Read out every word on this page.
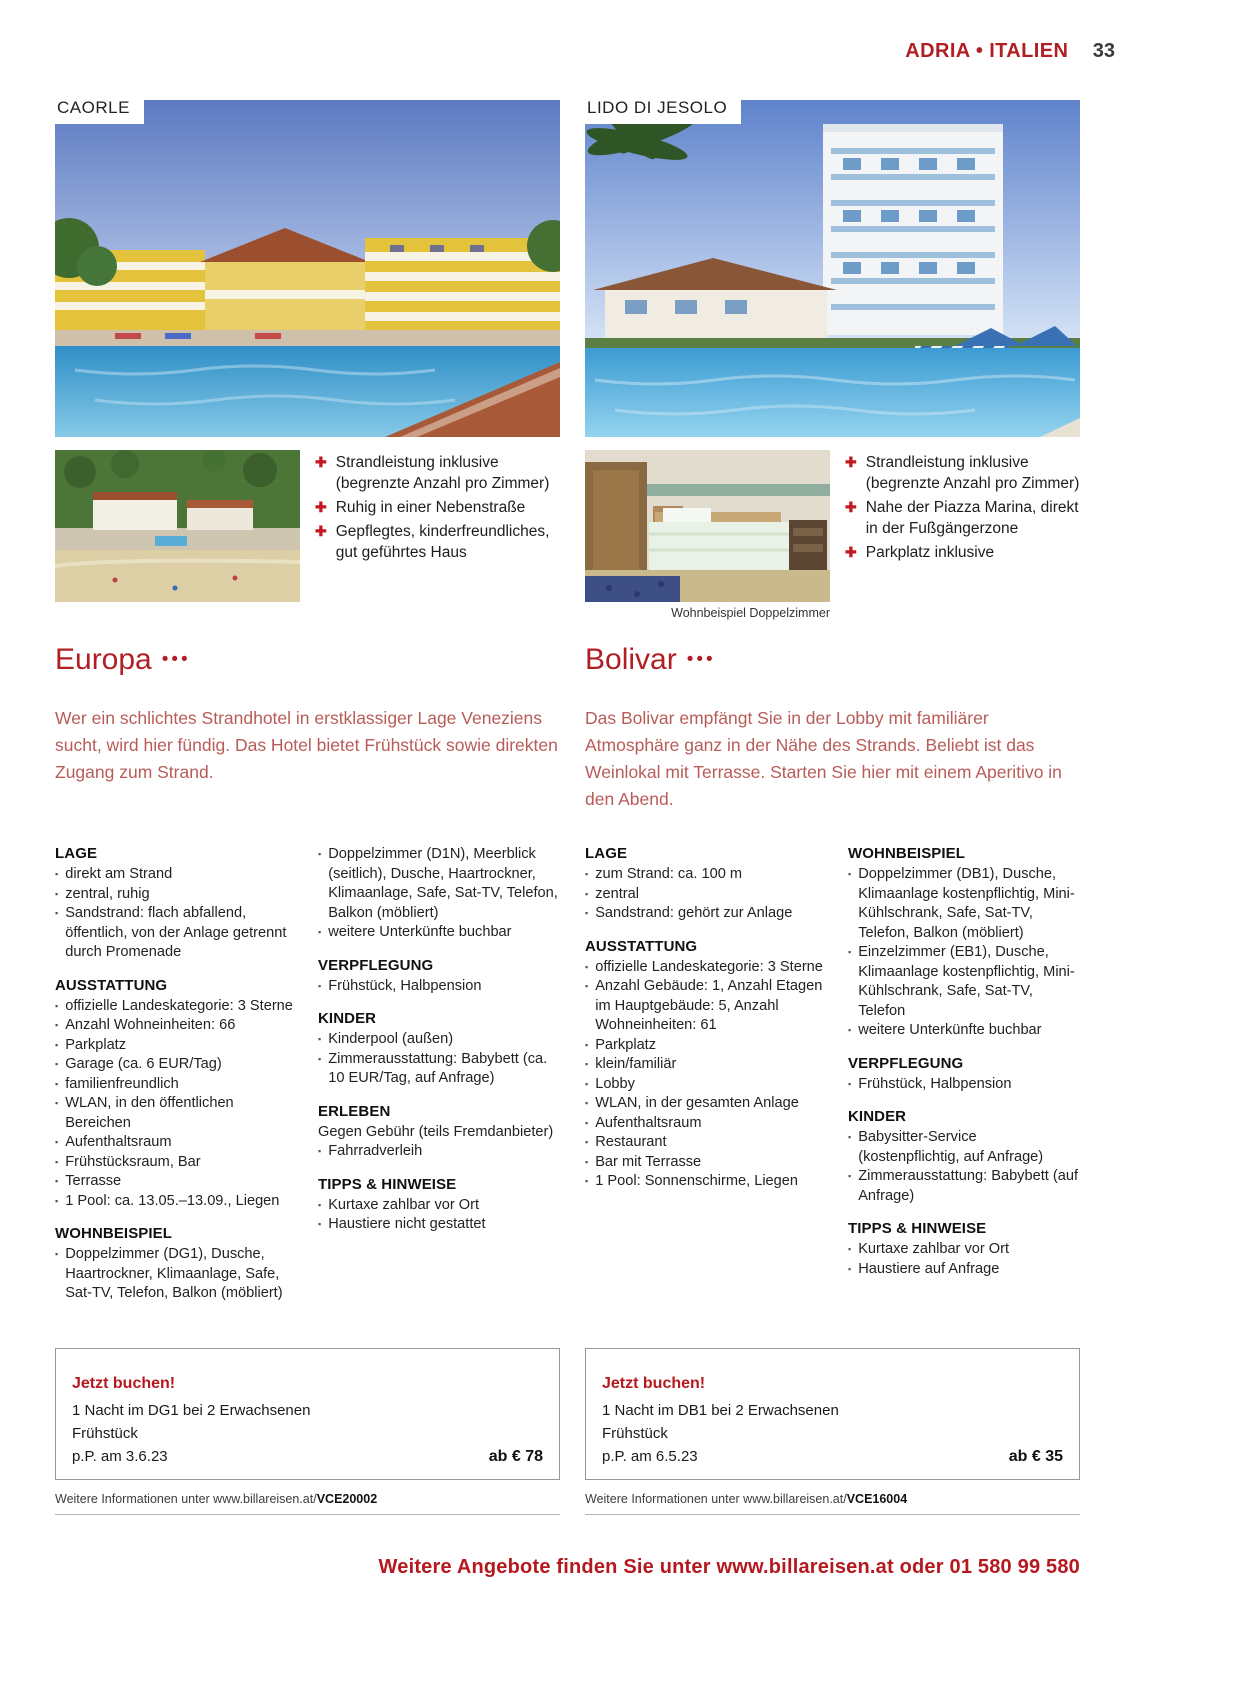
ADRIA • ITALIEN 33
CAORLE
✚ Strandleistung inklusive (begrenzte Anzahl pro Zimmer)
✚ Ruhig in einer Nebenstraße
✚ Gepflegtes, kinderfreundliches, gut geführtes Haus
Europa •••
Wer ein schlichtes Strandhotel in erstklassiger Lage Veneziens sucht, wird hier fündig. Das Hotel bietet Frühstück sowie direkten Zugang zum Strand.
LAGE
▪ direkt am Strand
▪ zentral, ruhig
▪ Sandstrand: flach abfallend, öffentlich, von der Anlage getrennt durch Promenade
AUSSTATTUNG
▪ offizielle Landeskategorie: 3 Sterne
▪ Anzahl Wohneinheiten: 66
▪ Parkplatz
▪ Garage (ca. 6 EUR/Tag)
▪ familienfreundlich
▪ WLAN, in den öffentlichen Bereichen
▪ Aufenthaltsraum
▪ Frühstücksraum, Bar
▪ Terrasse
▪ 1 Pool: ca. 13.05.–13.09., Liegen
WOHNBEISPIEL
▪ Doppelzimmer (DG1), Dusche, Haartrockner, Klimaanlage, Safe, Sat-TV, Telefon, Balkon (möbliert)
▪ Doppelzimmer (D1N), Meerblick (seitlich), Dusche, Haartrockner, Klimaanlage, Safe, Sat-TV, Telefon, Balkon (möbliert)
▪ weitere Unterkünfte buchbar
VERPFLEGUNG
▪ Frühstück, Halbpension
KINDER
▪ Kinderpool (außen)
▪ Zimmerausstattung: Babybett (ca. 10 EUR/Tag, auf Anfrage)
ERLEBEN
Gegen Gebühr (teils Fremdanbieter)
▪ Fahrradverleih
TIPPS & HINWEISE
▪ Kurtaxe zahlbar vor Ort
▪ Haustiere nicht gestattet
Jetzt buchen!
1 Nacht im DG1 bei 2 Erwachsenen
Frühstück
p.P. am 3.6.23	ab € 78
Weitere Informationen unter www.billareisen.at/VCE20002
LIDO DI JESOLO
Wohnbeispiel Doppelzimmer
✚ Strandleistung inklusive (begrenzte Anzahl pro Zimmer)
✚ Nahe der Piazza Marina, direkt in der Fußgängerzone
✚ Parkplatz inklusive
Bolivar •••
Das Bolivar empfängt Sie in der Lobby mit familiärer Atmosphäre ganz in der Nähe des Strands. Beliebt ist das Weinlokal mit Terrasse. Starten Sie hier mit einem Aperitivo in den Abend.
LAGE
▪ zum Strand: ca. 100 m
▪ zentral
▪ Sandstrand: gehört zur Anlage
AUSSTATTUNG
▪ offizielle Landeskategorie: 3 Sterne
▪ Anzahl Gebäude: 1, Anzahl Etagen im Hauptgebäude: 5, Anzahl Wohneinheiten: 61
▪ Parkplatz
▪ klein/familiär
▪ Lobby
▪ WLAN, in der gesamten Anlage
▪ Aufenthaltsraum
▪ Restaurant
▪ Bar mit Terrasse
▪ 1 Pool: Sonnenschirme, Liegen
WOHNBEISPIEL
▪ Doppelzimmer (DB1), Dusche, Klimaanlage kostenpflichtig, Mini-Kühlschrank, Safe, Sat-TV, Telefon, Balkon (möbliert)
▪ Einzelzimmer (EB1), Dusche, Klimaanlage kostenpflichtig, Mini-Kühlschrank, Safe, Sat-TV, Telefon
▪ weitere Unterkünfte buchbar
VERPFLEGUNG
▪ Frühstück, Halbpension
KINDER
▪ Babysitter-Service (kostenpflichtig, auf Anfrage)
▪ Zimmerausstattung: Babybett (auf Anfrage)
TIPPS & HINWEISE
▪ Kurtaxe zahlbar vor Ort
▪ Haustiere auf Anfrage
Jetzt buchen!
1 Nacht im DB1 bei 2 Erwachsenen
Frühstück
p.P. am 6.5.23	ab € 35
Weitere Informationen unter www.billareisen.at/VCE16004
Weitere Angebote finden Sie unter www.billareisen.at oder 01 580 99 580
